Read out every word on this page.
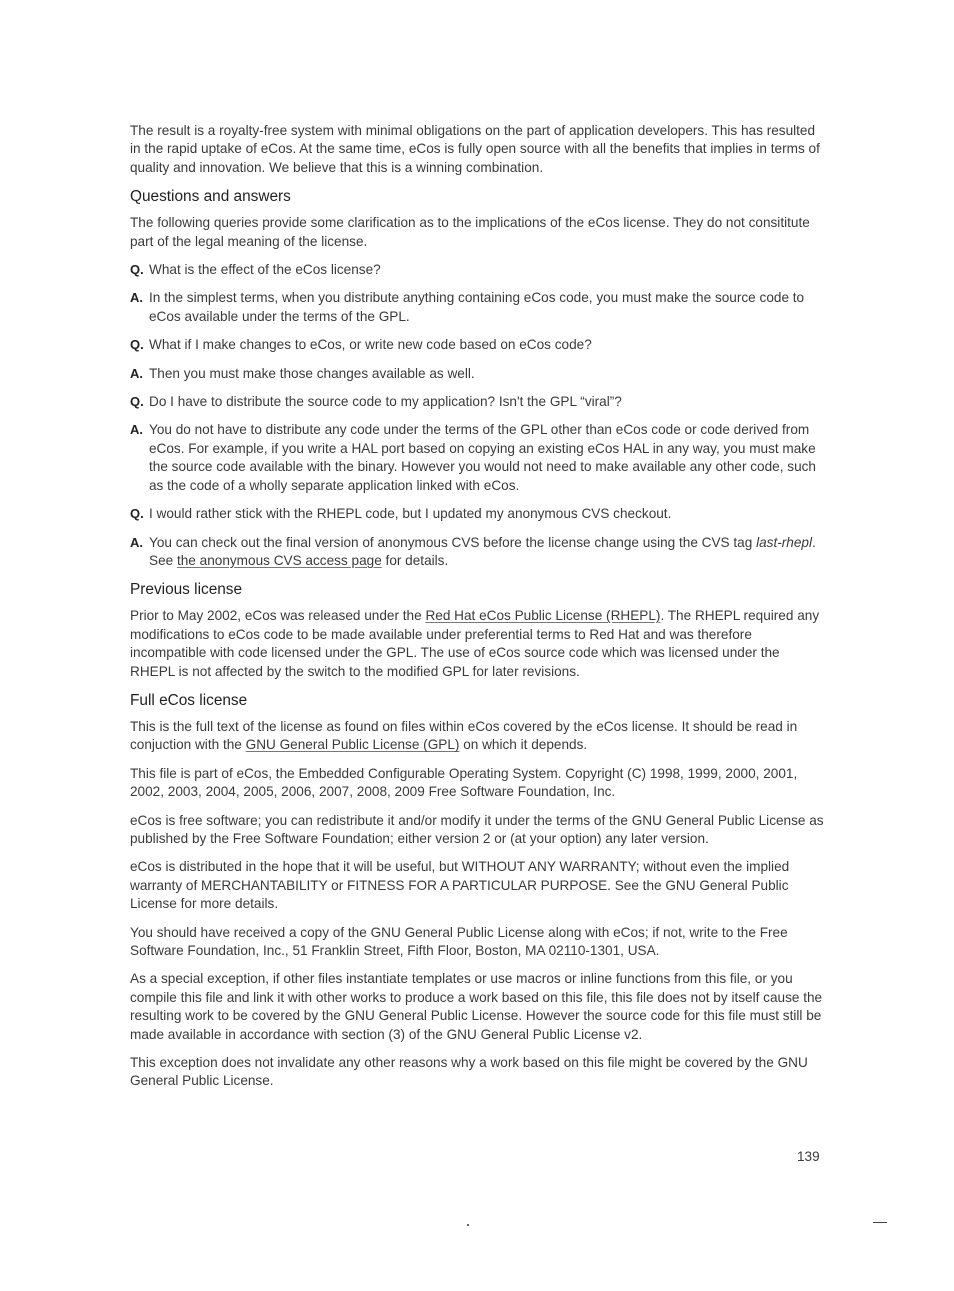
The result is a royalty-free system with minimal obligations on the part of application developers. This has resulted in the rapid uptake of eCos. At the same time, eCos is fully open source with all the benefits that implies in terms of quality and innovation. We believe that this is a winning combination.

Questions and answers

The following queries provide some clarification as to the implications of the eCos license. They do not consititute part of the legal meaning of the license.

Q. What is the effect of the eCos license?
A. In the simplest terms, when you distribute anything containing eCos code, you must make the source code to eCos available under the terms of the GPL.
Q. What if I make changes to eCos, or write new code based on eCos code?
A. Then you must make those changes available as well.
Q. Do I have to distribute the source code to my application? Isn't the GPL “viral”?
A. You do not have to distribute any code under the terms of the GPL other than eCos code or code derived from eCos. For example, if you write a HAL port based on copying an existing eCos HAL in any way, you must make the source code available with the binary. However you would not need to make available any other code, such as the code of a wholly separate application linked with eCos.
Q. I would rather stick with the RHEPL code, but I updated my anonymous CVS checkout.
A. You can check out the final version of anonymous CVS before the license change using the CVS tag last-rhepl. See the anonymous CVS access page for details.
Previous license

Prior to May 2002, eCos was released under the Red Hat eCos Public License (RHEPL). The RHEPL required any modifications to eCos code to be made available under preferential terms to Red Hat and was therefore incompatible with code licensed under the GPL. The use of eCos source code which was licensed under the RHEPL is not affected by the switch to the modified GPL for later revisions.

Full eCos license

This is the full text of the license as found on files within eCos covered by the eCos license. It should be read in conjuction with the GNU General Public License (GPL) on which it depends.

This file is part of eCos, the Embedded Configurable Operating System. Copyright (C) 1998, 1999, 2000, 2001, 2002, 2003, 2004, 2005, 2006, 2007, 2008, 2009 Free Software Foundation, Inc.

eCos is free software; you can redistribute it and/or modify it under the terms of the GNU General Public License as published by the Free Software Foundation; either version 2 or (at your option) any later version.

eCos is distributed in the hope that it will be useful, but WITHOUT ANY WARRANTY; without even the implied warranty of MERCHANTABILITY or FITNESS FOR A PARTICULAR PURPOSE. See the GNU General Public License for more details.

You should have received a copy of the GNU General Public License along with eCos; if not, write to the Free Software Foundation, Inc., 51 Franklin Street, Fifth Floor, Boston, MA 02110-1301, USA.

As a special exception, if other files instantiate templates or use macros or inline functions from this file, or you compile this file and link it with other works to produce a work based on this file, this file does not by itself cause the resulting work to be covered by the GNU General Public License. However the source code for this file must still be made available in accordance with section (3) of the GNU General Public License v2.

This exception does not invalidate any other reasons why a work based on this file might be covered by the GNU General Public License.

139
